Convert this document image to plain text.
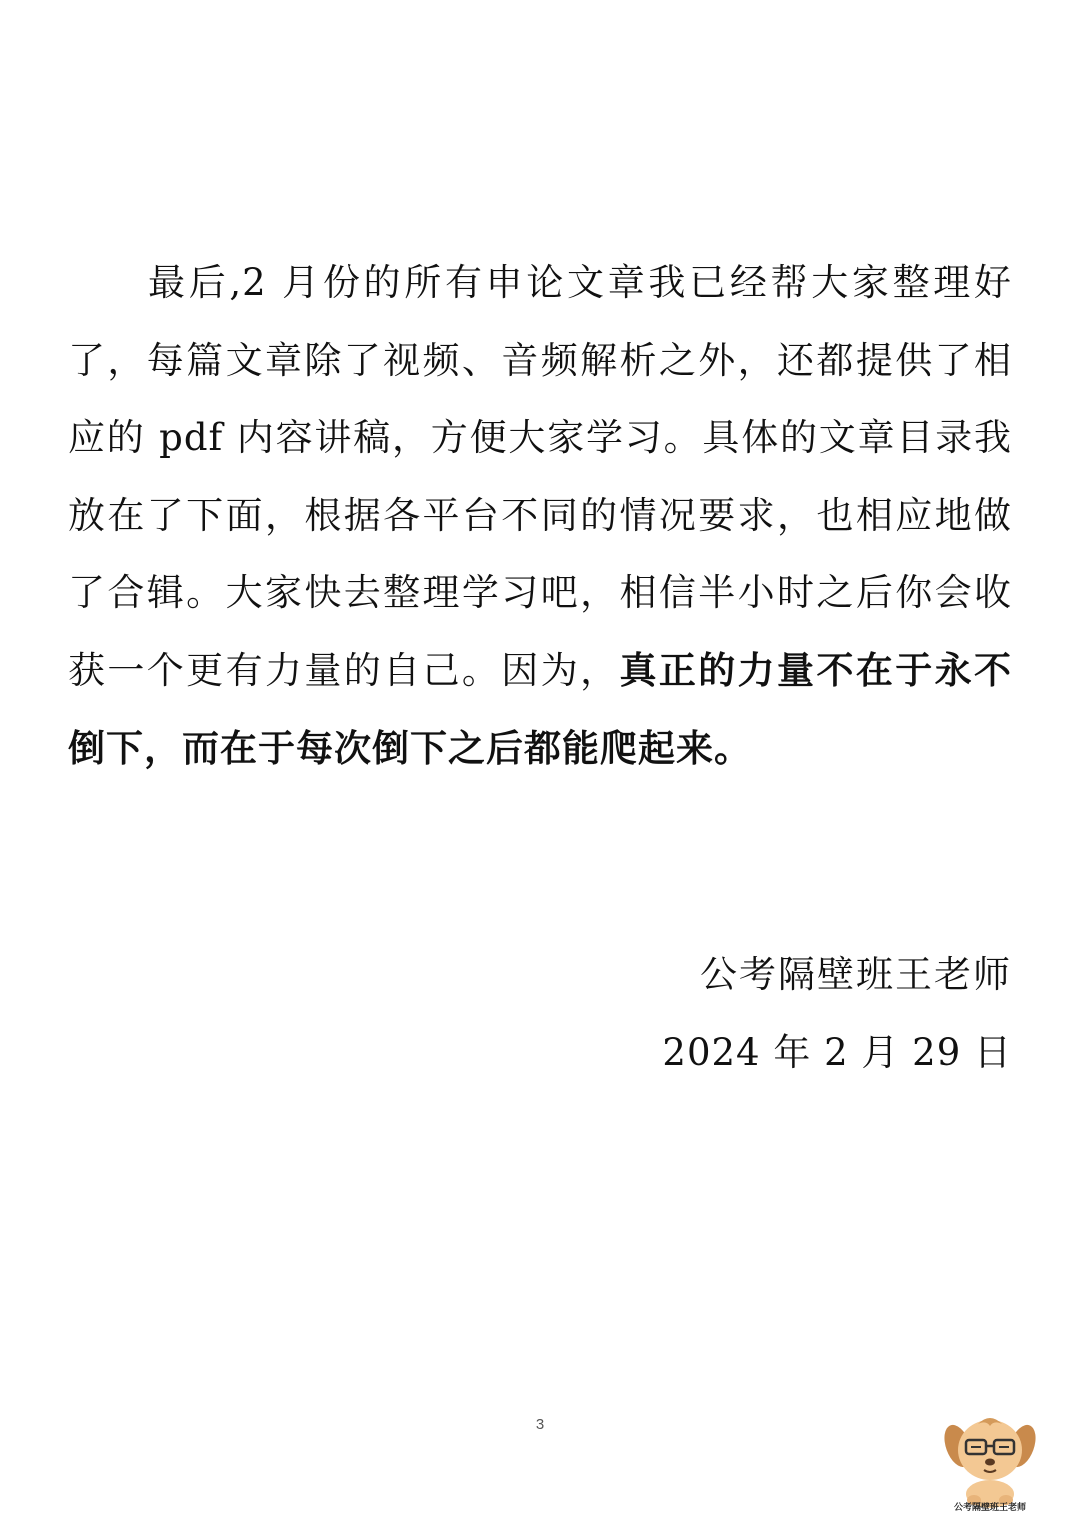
最后,2 月份的所有申论文章我已经帮大家整理好了，每篇文章除了视频、音频解析之外，还都提供了相应的 pdf 内容讲稿，方便大家学习。具体的文章目录我放在了下面，根据各平台不同的情况要求，也相应地做了合辑。大家快去整理学习吧，相信半小时之后你会收获一个更有力量的自己。因为，真正的力量不在于永不倒下，而在于每次倒下之后都能爬起来。

公考隔壁班王老师
2024 年 2 月 29 日
3
公考隔壁班王老师
